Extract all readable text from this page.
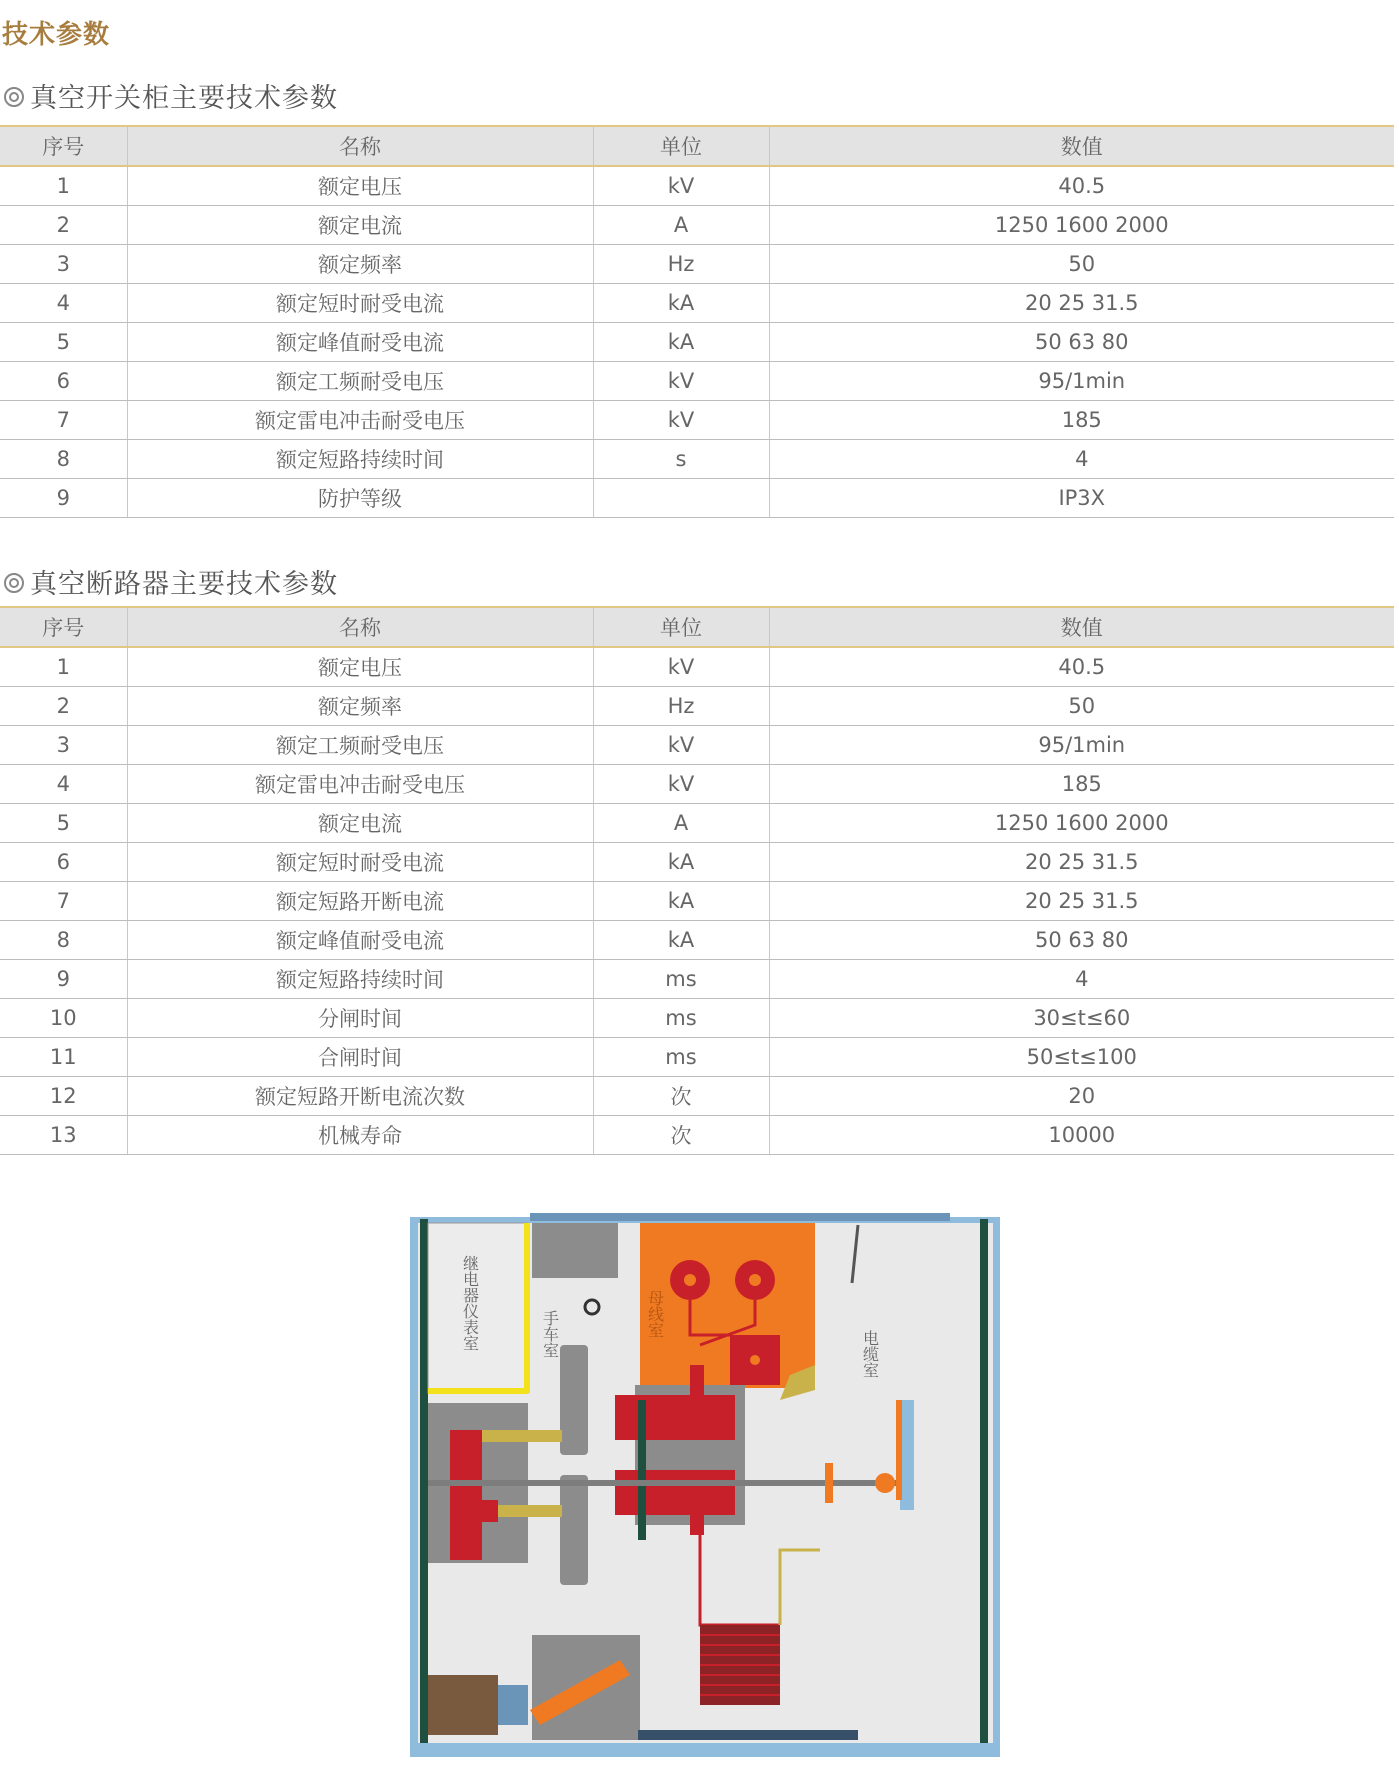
技术参数
真空开关柜主要技术参数
序号	名称	单位	数值
1	额定电压	kV	40.5
2	额定电流	A	1250 1600 2000
3	额定频率	Hz	50
4	额定短时耐受电流	kA	20 25 31.5
5	额定峰值耐受电流	kA	50 63 80
6	额定工频耐受电压	kV	95/1min
7	额定雷电冲击耐受电压	kV	185
8	额定短路持续时间	s	4
9	防护等级		IP3X
真空断路器主要技术参数
序号	名称	单位	数值
1	额定电压	kV	40.5
2	额定频率	Hz	50
3	额定工频耐受电压	kV	95/1min
4	额定雷电冲击耐受电压	kV	185
5	额定电流	A	1250 1600 2000
6	额定短时耐受电流	kA	20 25 31.5
7	额定短路开断电流	kA	20 25 31.5
8	额定峰值耐受电流	kA	50 63 80
9	额定短路持续时间	ms	4
10	分闸时间	ms	30≤t≤60
11	合闸时间	ms	50≤t≤100
12	额定短路开断电流次数	次	20
13	机械寿命	次	10000
继电器仪表室	手车室	母线室
电缆室
